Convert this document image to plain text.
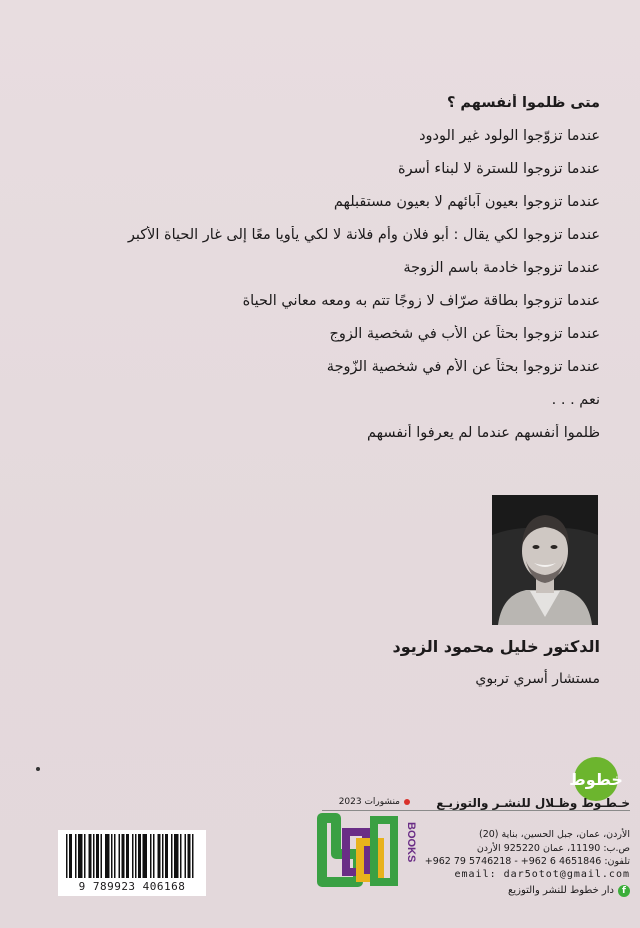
متى ظلموا أنفسهم ؟
عندما تزوّجوا الولود غير الودود
عندما تزوجوا للسترة لا لبناء أسرة
عندما تزوجوا بعيون آبائهم لا بعيون مستقبلهم
عندما تزوجوا لكي يقال : أبو فلان وأم فلانة لا لكي يأويا معًا إلى غار الحياة الأكبر
عندما تزوجوا خادمة باسم الزوجة
عندما تزوجوا بطاقة صرّاف لا زوجًا تتم به ومعه معاني الحياة
عندما تزوجوا بحثاً عن الأب في شخصية الزوج
عندما تزوجوا بحثاً عن الأم في شخصية الزّوجة
نعم . . .
ظلموا أنفسهم عندما لم يعرفوا أنفسهم
الدكتور خليل محمود الزيود
مستشار أسري تربوي
خطوط
منشورات 2023	خـطـوط وظـلال للنشـر والتوزيـع
الأردن، عمان، جبل الحسين، بناية (20)
ص.ب: 11190، عمان 925220 الأردن
تلفون: 4651846 6 962+ - 5746218 79 962+
email: dar5otot@gmail.com
fدار خطوط للنشر والتوزيع
BOOKS
9 789923 406168
